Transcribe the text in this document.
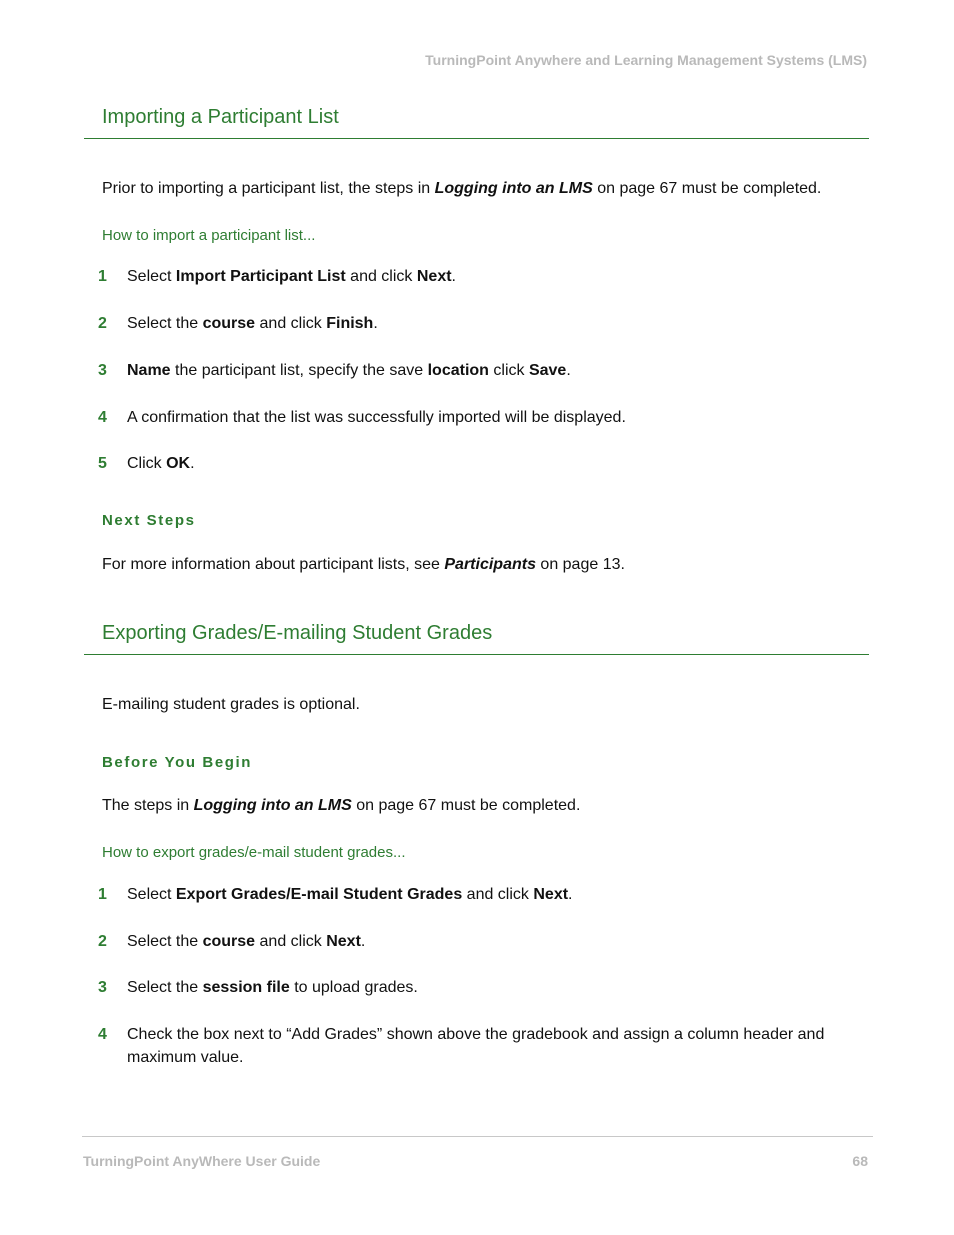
TurningPoint Anywhere and Learning Management Systems (LMS)
Importing a Participant List
Prior to importing a participant list, the steps in Logging into an LMS on page 67 must be completed.
How to import a participant list...
1	Select Import Participant List and click Next.
2	Select the course and click Finish.
3	Name the participant list, specify the save location click Save.
4	A confirmation that the list was successfully imported will be displayed.
5	Click OK.
Next Steps
For more information about participant lists, see Participants on page 13.
Exporting Grades/E-mailing Student Grades
E-mailing student grades is optional.
Before You Begin
The steps in Logging into an LMS on page 67 must be completed.
How to export grades/e-mail student grades...
1	Select Export Grades/E-mail Student Grades and click Next.
2	Select the course and click Next.
3	Select the session file to upload grades.
4	Check the box next to “Add Grades” shown above the gradebook and assign a column header and maximum value.
TurningPoint AnyWhere User Guide	68
